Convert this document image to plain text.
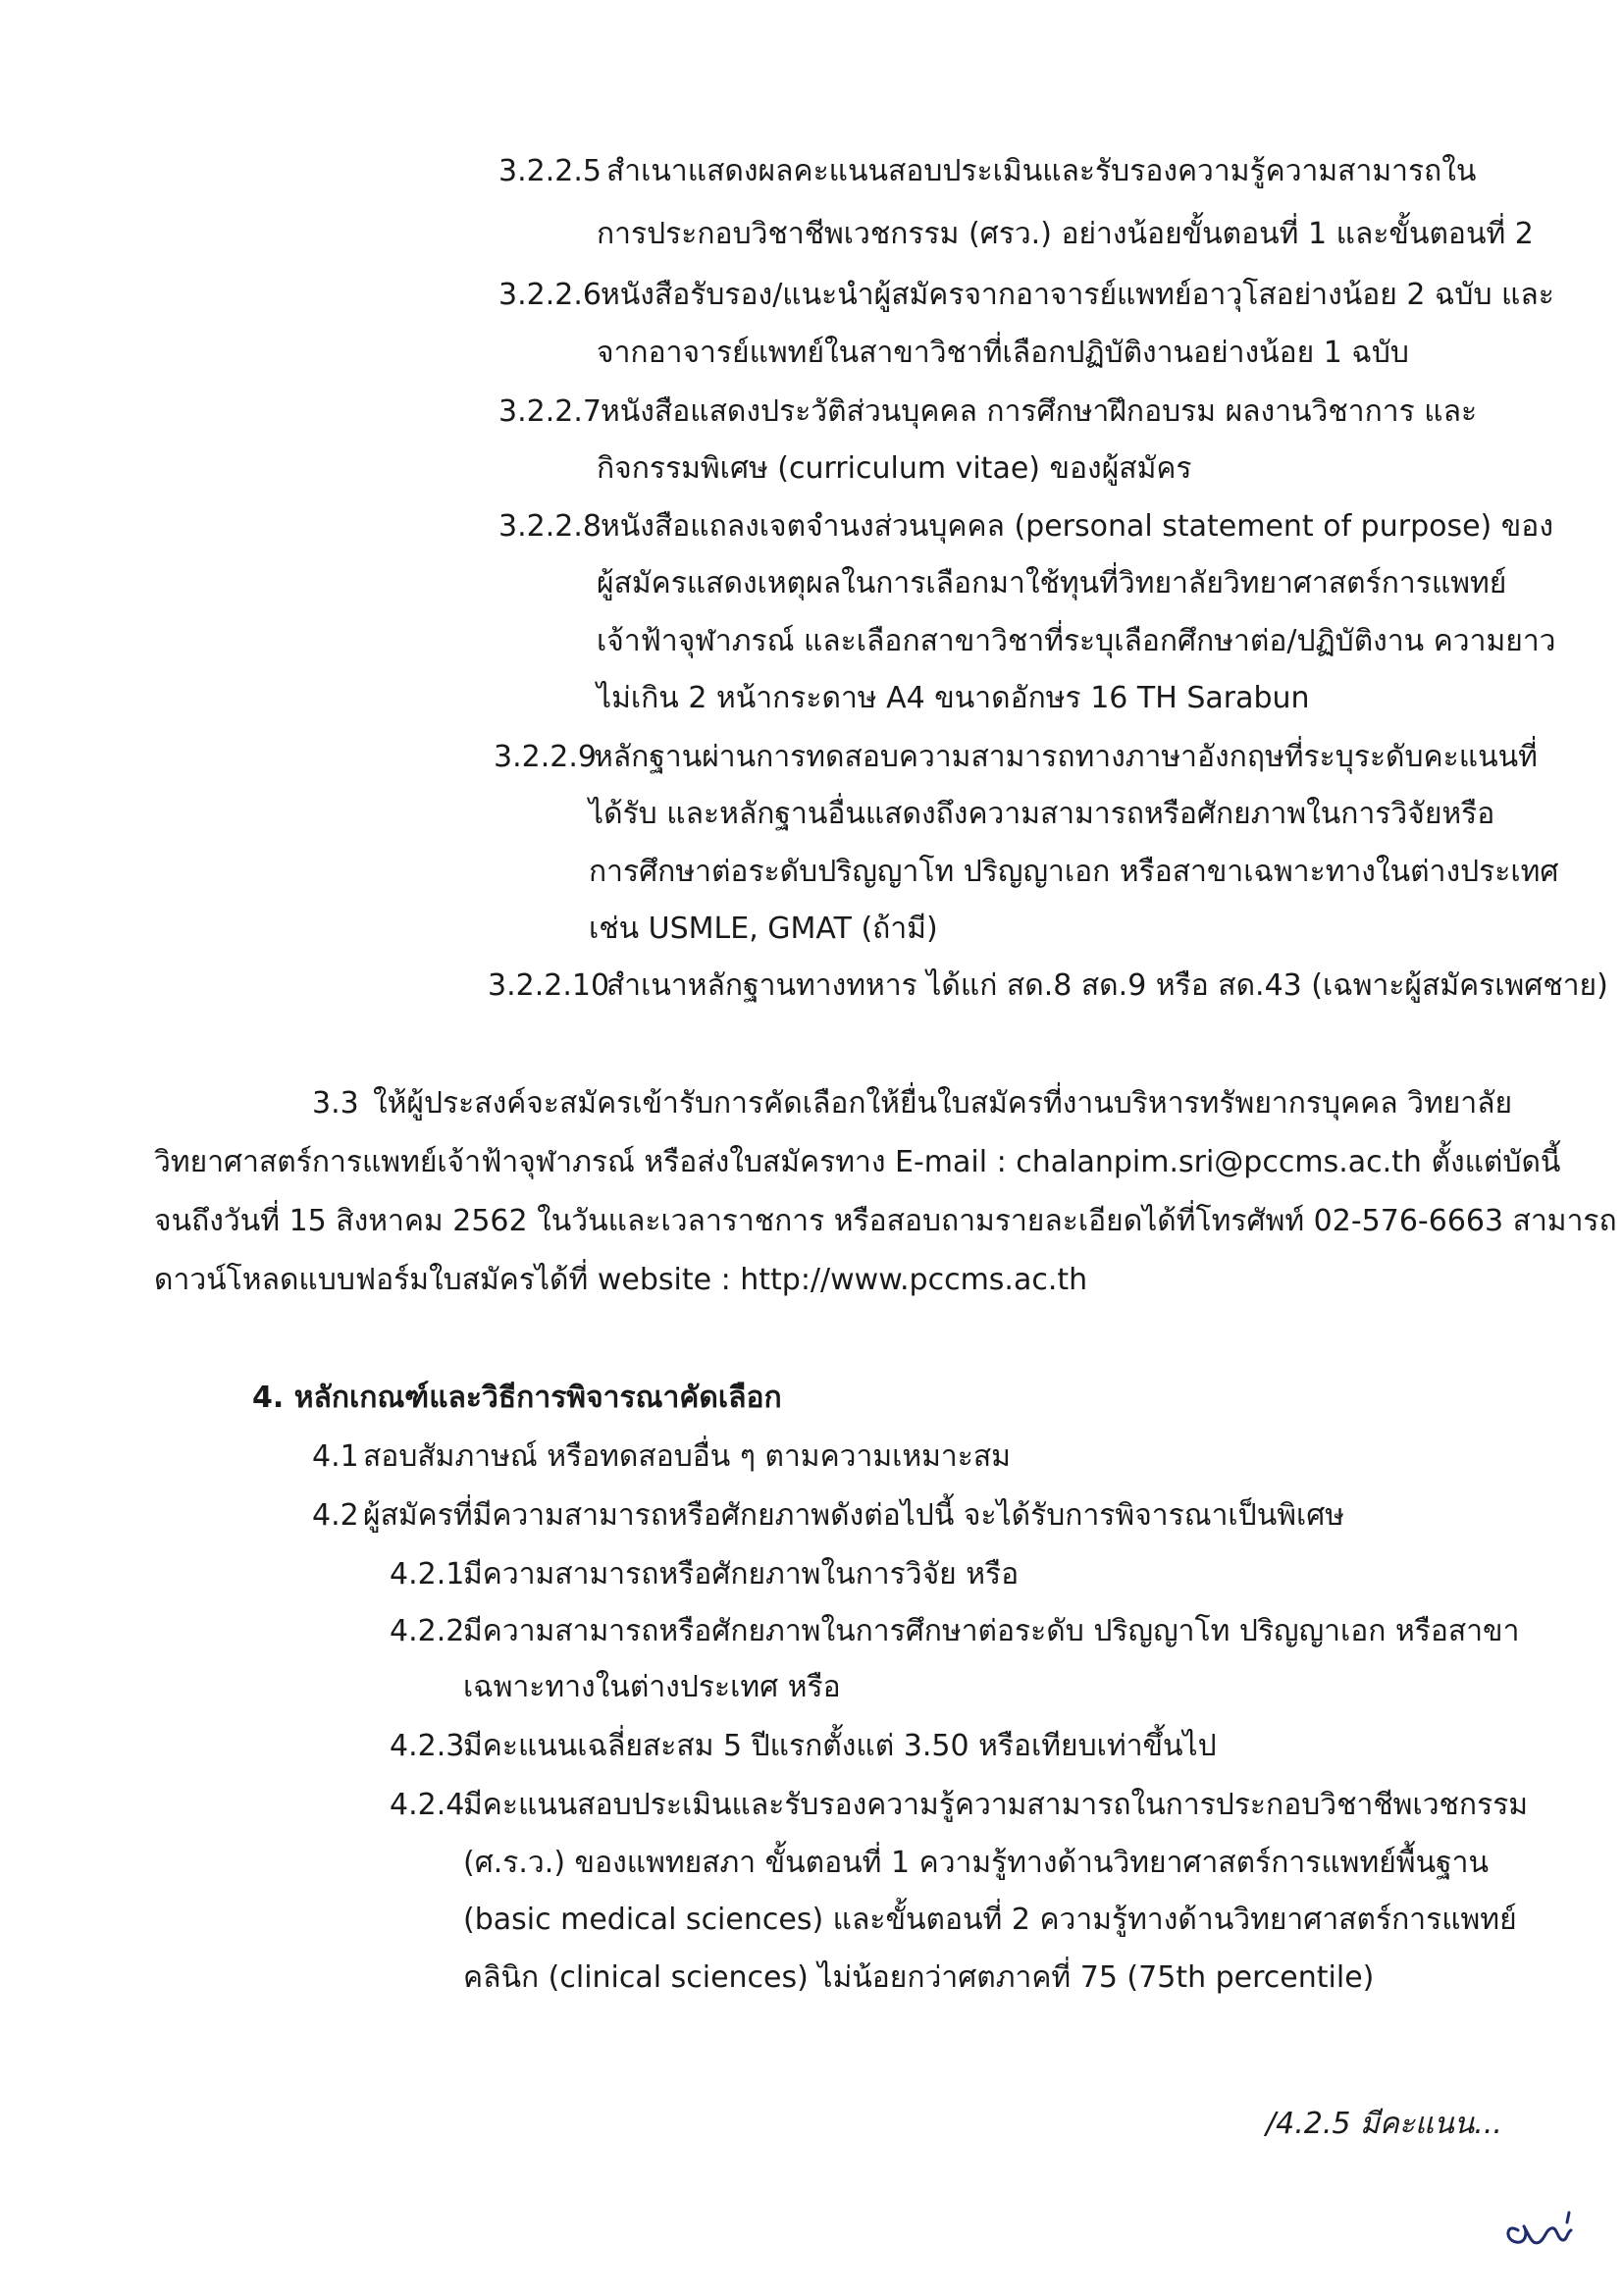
3.2.2.5 สำเนาแสดงผลคะแนนสอบประเมินและรับรองความรู้ความสามารถใน
การประกอบวิชาชีพเวชกรรม (ศรว.) อย่างน้อยขั้นตอนที่ 1 และขั้นตอนที่ 2
3.2.2.6 หนังสือรับรอง/แนะนำผู้สมัครจากอาจารย์แพทย์อาวุโสอย่างน้อย 2 ฉบับ และ
จากอาจารย์แพทย์ในสาขาวิชาที่เลือกปฏิบัติงานอย่างน้อย 1 ฉบับ
3.2.2.7 หนังสือแสดงประวัติส่วนบุคคล การศึกษาฝึกอบรม ผลงานวิชาการ และ
กิจกรรมพิเศษ (curriculum vitae) ของผู้สมัคร
3.2.2.8 หนังสือแถลงเจตจำนงส่วนบุคคล (personal statement of purpose) ของ
ผู้สมัครแสดงเหตุผลในการเลือกมาใช้ทุนที่วิทยาลัยวิทยาศาสตร์การแพทย์
เจ้าฟ้าจุฬาภรณ์ และเลือกสาขาวิชาที่ระบุเลือกศึกษาต่อ/ปฏิบัติงาน ความยาว
ไม่เกิน 2 หน้ากระดาษ A4 ขนาดอักษร 16 TH Sarabun
3.2.2.9
หลักฐานผ่านการทดสอบความสามารถทางภาษาอังกฤษที่ระบุระดับคะแนนที่
ได้รับ และหลักฐานอื่นแสดงถึงความสามารถหรือศักยภาพในการวิจัยหรือ
การศึกษาต่อระดับปริญญาโท ปริญญาเอก หรือสาขาเฉพาะทางในต่างประเทศ
เช่น USMLE, GMAT (ถ้ามี)
3.2.2.10
สำเนาหลักฐานทางทหาร ได้แก่ สด.8 สด.9 หรือ สด.43 (เฉพาะผู้สมัครเพศชาย)
3.3 ให้ผู้ประสงค์จะสมัครเข้ารับการคัดเลือกให้ยื่นใบสมัครที่งานบริหารทรัพยากรบุคคล วิทยาลัย
วิทยาศาสตร์การแพทย์เจ้าฟ้าจุฬาภรณ์ หรือส่งใบสมัครทาง E-mail : chalanpim.sri@pccms.ac.th ตั้งแต่บัดนี้
จนถึงวันที่ 15 สิงหาคม 2562 ในวันและเวลาราชการ หรือสอบถามรายละเอียดได้ที่โทรศัพท์ 02-576-6663 สามารถ
ดาวน์โหลดแบบฟอร์มใบสมัครได้ที่ website : http://www.pccms.ac.th
4. หลักเกณฑ์และวิธีการพิจารณาคัดเลือก
4.1 สอบสัมภาษณ์ หรือทดสอบอื่น ๆ ตามความเหมาะสม
4.2 ผู้สมัครที่มีความสามารถหรือศักยภาพดังต่อไปนี้ จะได้รับการพิจารณาเป็นพิเศษ
4.2.1
มีความสามารถหรือศักยภาพในการวิจัย หรือ
4.2.2
มีความสามารถหรือศักยภาพในการศึกษาต่อระดับ ปริญญาโท ปริญญาเอก หรือสาขา
เฉพาะทางในต่างประเทศ หรือ
4.2.3
มีคะแนนเฉลี่ยสะสม 5 ปีแรกตั้งแต่ 3.50 หรือเทียบเท่าขึ้นไป
4.2.4
มีคะแนนสอบประเมินและรับรองความรู้ความสามารถในการประกอบวิชาชีพเวชกรรม
(ศ.ร.ว.) ของแพทยสภา ขั้นตอนที่ 1 ความรู้ทางด้านวิทยาศาสตร์การแพทย์พื้นฐาน
(basic medical sciences) และขั้นตอนที่ 2 ความรู้ทางด้านวิทยาศาสตร์การแพทย์
คลินิก (clinical sciences) ไม่น้อยกว่าศตภาคที่ 75 (75th percentile)
/4.2.5 มีคะแนน...
